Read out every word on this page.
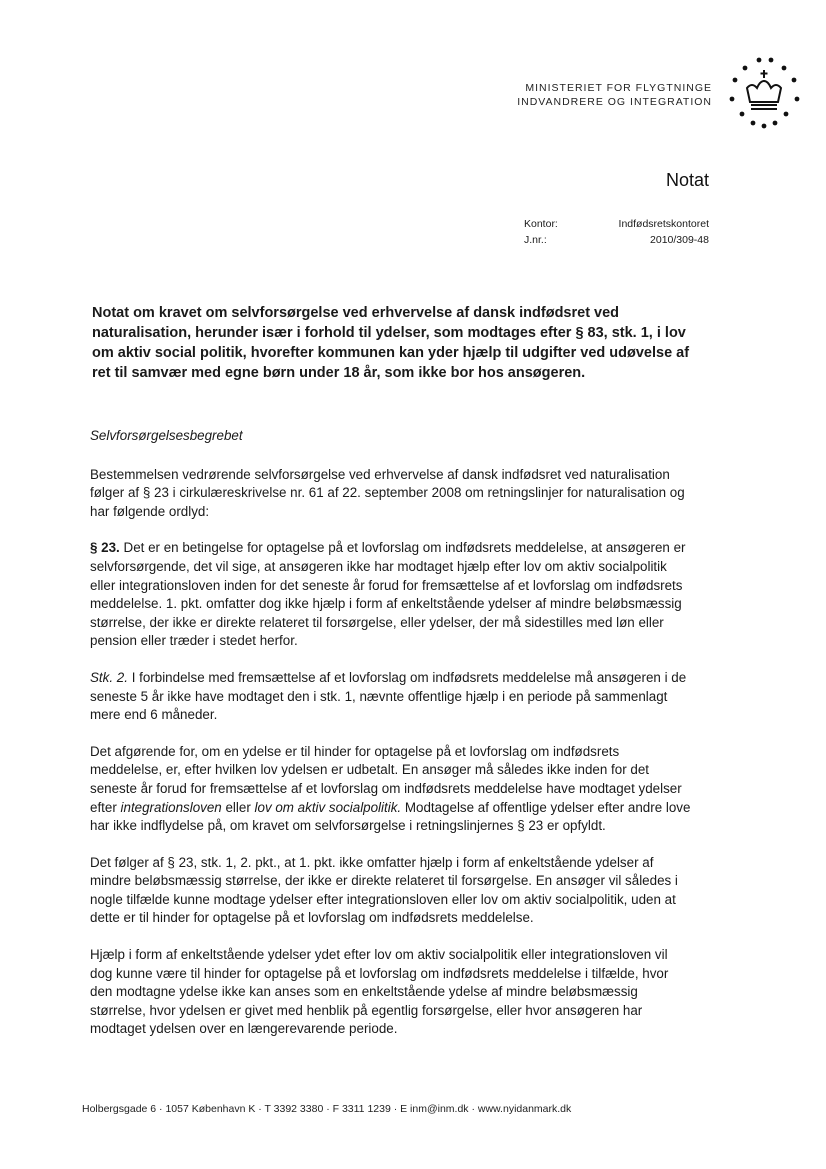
MINISTERIET FOR FLYGTNINGE
INDVANDRERE OG INTEGRATION
Notat
Kontor:	Indfødsretskontoret
J.nr.:	2010/309-48
Notat om kravet om selvforsørgelse ved erhvervelse af dansk indfødsret ved naturalisation, herunder især i forhold til ydelser, som modtages efter § 83, stk. 1, i lov om aktiv social politik, hvorefter kommunen kan yder hjælp til udgifter ved udøvelse af ret til samvær med egne børn under 18 år, som ikke bor hos ansøgeren.

Selvforsørgelsesbegrebet

Bestemmelsen vedrørende selvforsørgelse ved erhvervelse af dansk indfødsret ved naturalisation følger af § 23 i cirkulæreskrivelse nr. 61 af 22. september 2008 om retningslinjer for naturalisation og har følgende ordlyd:

§ 23. Det er en betingelse for optagelse på et lovforslag om indfødsrets meddelelse, at ansøgeren er selvforsørgende, det vil sige, at ansøgeren ikke har modtaget hjælp efter lov om aktiv socialpolitik eller integrationsloven inden for det seneste år forud for fremsættelse af et lovforslag om indfødsrets meddelelse. 1. pkt. omfatter dog ikke hjælp i form af enkeltstående ydelser af mindre beløbsmæssig størrelse, der ikke er direkte relateret til forsørgelse, eller ydelser, der må sidestilles med løn eller pension eller træder i stedet herfor.

Stk. 2. I forbindelse med fremsættelse af et lovforslag om indfødsrets meddelelse må ansøgeren i de seneste 5 år ikke have modtaget den i stk. 1, nævnte offentlige hjælp i en periode på sammenlagt mere end 6 måneder.

Det afgørende for, om en ydelse er til hinder for optagelse på et lovforslag om indfødsrets meddelelse, er, efter hvilken lov ydelsen er udbetalt. En ansøger må således ikke inden for det seneste år forud for fremsættelse af et lovforslag om indfødsrets meddelelse have modtaget ydelser efter integrationsloven eller lov om aktiv socialpolitik. Modtagelse af offentlige ydelser efter andre love har ikke indflydelse på, om kravet om selvforsørgelse i retningslinjernes § 23 er opfyldt.

Det følger af § 23, stk. 1, 2. pkt., at 1. pkt. ikke omfatter hjælp i form af enkeltstående ydelser af mindre beløbsmæssig størrelse, der ikke er direkte relateret til forsørgelse. En ansøger vil således i nogle tilfælde kunne modtage ydelser efter integrationsloven eller lov om aktiv socialpolitik, uden at dette er til hinder for optagelse på et lovforslag om indfødsrets meddelelse.

Hjælp i form af enkeltstående ydelser ydet efter lov om aktiv socialpolitik eller integrationsloven vil dog kunne være til hinder for optagelse på et lovforslag om indfødsrets meddelelse i tilfælde, hvor den modtagne ydelse ikke kan anses som en enkeltstående ydelse af mindre beløbsmæssig størrelse, hvor ydelsen er givet med henblik på egentlig forsørgelse, eller hvor ansøgeren har modtaget ydelsen over en længerevarende periode.

Holbergsgade 6 · 1057 København K · T 3392 3380 · F 3311 1239 · E inm@inm.dk · www.nyidanmark.dk
